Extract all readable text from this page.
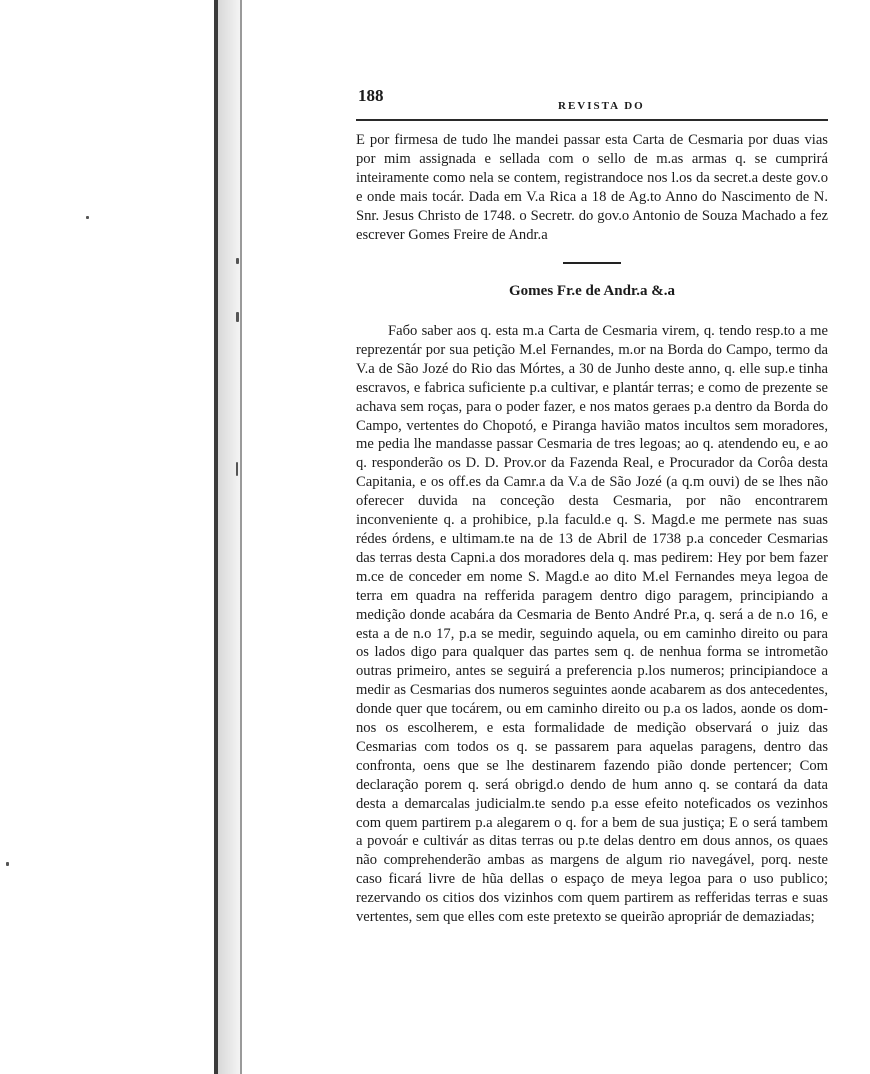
188
REVISTA DO

E por firmesa de tudo lhe mandei passar esta Carta de Cesmaria por duas vias por mim assignada e sellada com o sello de m.as armas q. se cumprirá inteiramente como nela se contem, registrandoce nos l.os da secret.a deste gov.o e onde mais tocár. Dada em V.a Rica a 18 de Ag.to Anno do Nascimento de N. Snr. Jesus Christo de 1748. o Secretr. do gov.o Antonio de Souza Machado a fez escrever Gomes Freire de Andr.a

Gomes Fr.e de Andr.a &.a

Faбo saber aos q. esta m.a Carta de Cesmaria virem, q. tendo resp.to a me reprezentár por sua petição M.el Fernandes, m.or na Borda do Campo, termo da V.a de São Jozé do Rio das Mórtes, a 30 de Junho deste anno, q. elle sup.e tinha escravos, e fabrica suficiente p.a cultivar, e plantár terras; e como de prezente se achava sem roças, para o poder fazer, e nos matos geraes p.a dentro da Borda do Campo, vertentes do Chopotó, e Piranga havião matos incultos sem moradores, me pedia lhe mandasse passar Cesmaria de tres legoas; ao q. atendendo eu, e ao q. responderão os D. D. Prov.or da Fazenda Real, e Procurador da Corôa desta Capitania, e os off.es da Camr.a da V.a de São Jozé (a q.m ouvi) de se lhes não oferecer duvida na conceção desta Cesmaria, por não encontrarem inconveniente q. a prohibice, p.la faculd.e q. S. Magd.e me permete nas suas rédes órdens, e ultimam.te na de 13 de Abril de 1738 p.a conceder Cesmarias das terras desta Capni.a dos moradores dela q. mas pedirem: Hey por bem fazer m.ce de conceder em nome S. Magd.e ao dito M.el Fernandes meya legoa de terra em quadra na refferida paragem dentro digo paragem, principiando a medição donde acabára da Cesmaria de Bento André Pr.a, q. será a de n.o 16, e esta a de n.o 17, p.a se medir, seguindo aquela, ou em caminho direito ou para os lados digo para qualquer das partes sem q. de nenhua forma se intrometão outras primeiro, antes se seguirá a preferencia p.los numeros; principiandoce a medir as Cesmarias dos numeros seguintes aonde acabarem as dos antecedentes, donde quer que tocárem, ou em caminho direito ou p.a os lados, aonde os dom-nos os escolherem, e esta formalidade de medição observará o juiz das Cesmarias com todos os q. se passarem para aquelas paragens, dentro das confronta, oens que se lhe destinarem fazendo pião donde pertencer; Com declaração porem q. será obrigd.o dendo de hum anno q. se contará da data desta a demarcalas judicialm.te sendo p.a esse efeito noteficados os vezinhos com quem partirem p.a alegarem o q. for a bem de sua justiça; E o será tambem a povoár e cultivár as ditas terras ou p.te delas dentro em dous annos, os quaes não comprehenderão ambas as margens de algum rio navegável, porq. neste caso ficará livre de hũa dellas o espaço de meya legoa para o uso publico; rezervando os citios dos vizinhos com quem partirem as refferidas terras e suas vertentes, sem que elles com este pretexto se queirão apropriár de demaziadas;
